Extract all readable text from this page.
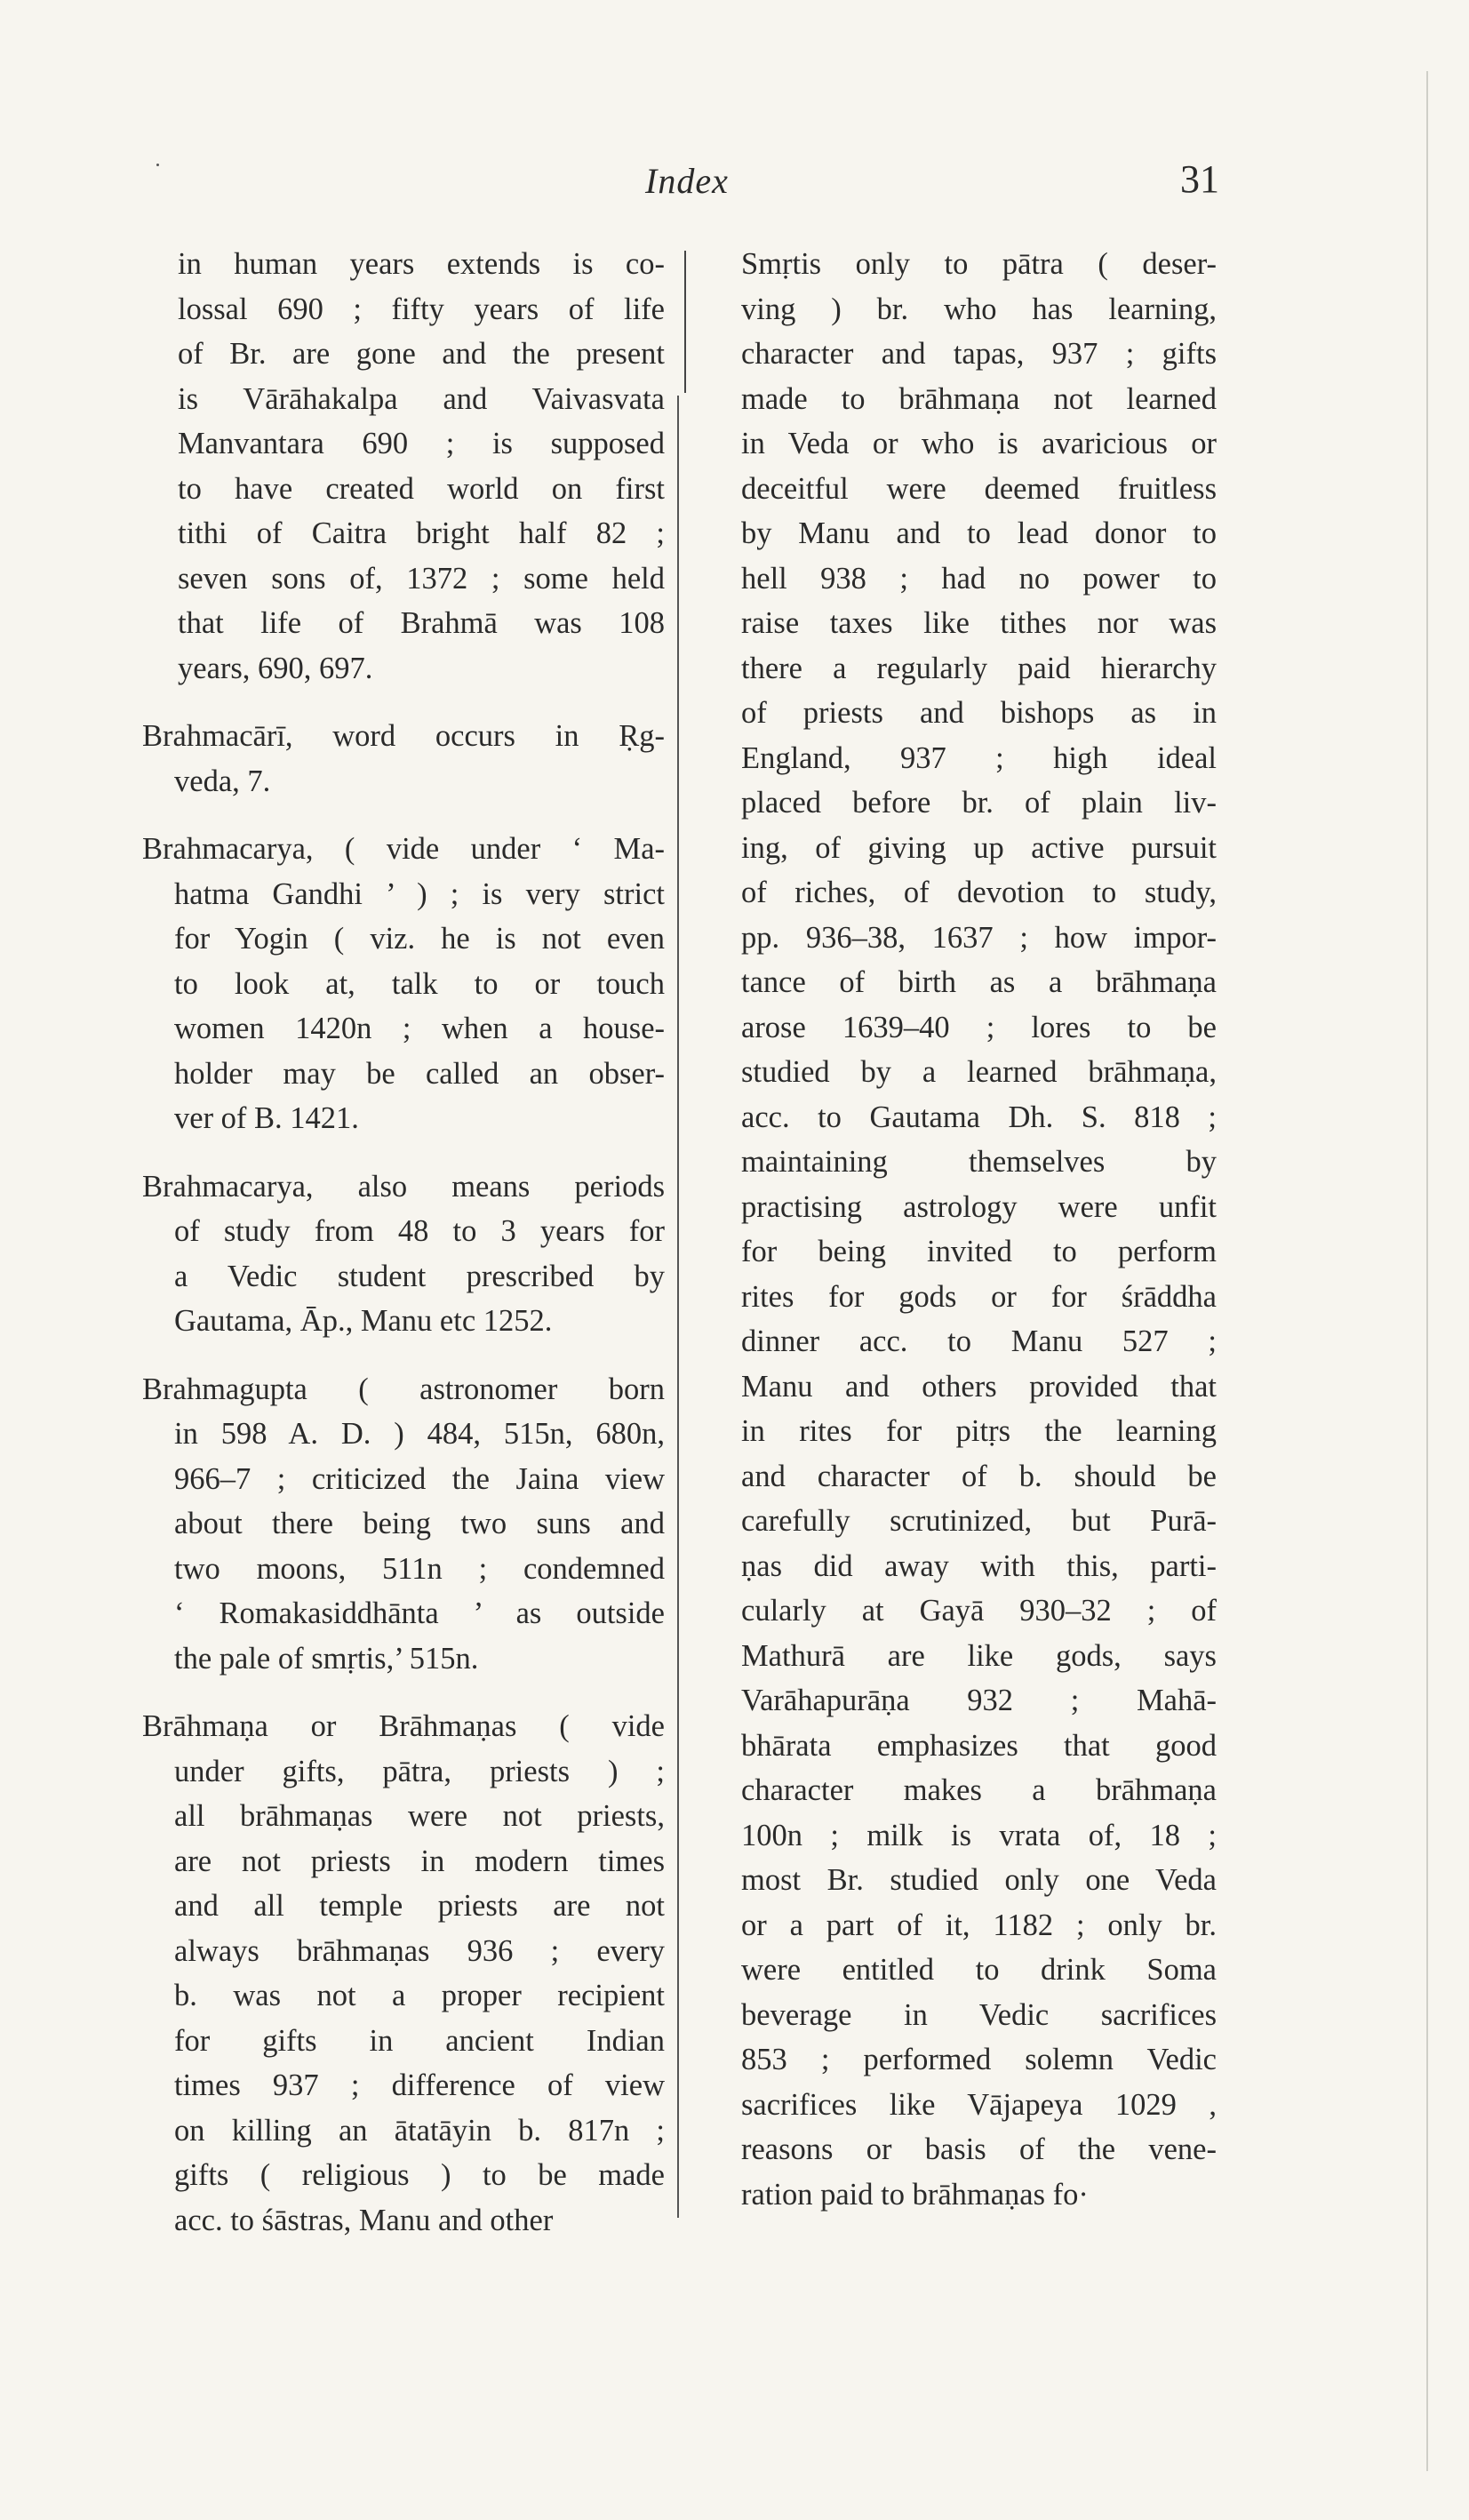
Index	31
in human years extends is co-
lossal 690 ; fifty years of life
of Br. are gone and the present
is Vārāhakalpa and Vaivasvata
Manvantara 690 ; is supposed
to have created world on first
tithi of Caitra bright half 82 ;
seven sons of, 1372 ; some held
that life of Brahmā was 108
years, 690, 697.
Brahmacārī, word occurs in Ṛg-
veda, 7.
Brahmacarya, ( vide under ‘ Ma-
hatma Gandhi ’ ) ; is very strict
for Yogin ( viz. he is not even
to look at, talk to or touch
women 1420n ; when a house-
holder may be called an obser-
ver of B. 1421.
Brahmacarya, also means periods
of study from 48 to 3 years for
a Vedic student prescribed by
Gautama, Āp., Manu etc 1252.
Brahmagupta ( astronomer born
in 598 A. D. ) 484, 515n, 680n,
966–7 ; criticized the Jaina view
about there being two suns and
two moons, 511n ; condemned
‘ Romakasiddhānta ’ as outside
the pale of smṛtis,’ 515n.
Brāhmaṇa or Brāhmaṇas ( vide
under gifts, pātra, priests ) ;
all brāhmaṇas were not priests,
are not priests in modern times
and all temple priests are not
always brāhmaṇas 936 ; every
b. was not a proper recipient
for gifts in ancient Indian
times 937 ; difference of view
on killing an ātatāyin b. 817n ;
gifts ( religious ) to be made
acc. to śāstras, Manu and other
Smṛtis only to pātra ( deser-
ving ) br. who has learning,
character and tapas, 937 ; gifts
made to brāhmaṇa not learned
in Veda or who is avaricious or
deceitful were deemed fruitless
by Manu and to lead donor to
hell 938 ; had no power to
raise taxes like tithes nor was
there a regularly paid hierarchy
of priests and bishops as in
England, 937 ; high ideal
placed before br. of plain liv-
ing, of giving up active pursuit
of riches, of devotion to study,
pp. 936–38, 1637 ; how impor-
tance of birth as a brāhmaṇa
arose 1639–40 ; lores to be
studied by a learned brāhmaṇa,
acc. to Gautama Dh. S. 818 ;
maintaining themselves by
practising astrology were unfit
for being invited to perform
rites for gods or for śrāddha
dinner acc. to Manu 527 ;
Manu and others provided that
in rites for pitṛs the learning
and character of b. should be
carefully scrutinized, but Purā-
ṇas did away with this, parti-
cularly at Gayā 930–32 ; of
Mathurā are like gods, says
Varāhapurāṇa 932 ; Mahā-
bhārata emphasizes that good
character makes a brāhmaṇa
100n ; milk is vrata of, 18 ;
most Br. studied only one Veda
or a part of it, 1182 ; only br.
were entitled to drink Soma
beverage in Vedic sacrifices
853 ; performed solemn Vedic
sacrifices like Vājapeya 1029 ,
reasons or basis of the vene-
ration paid to brāhmaṇas fo·
